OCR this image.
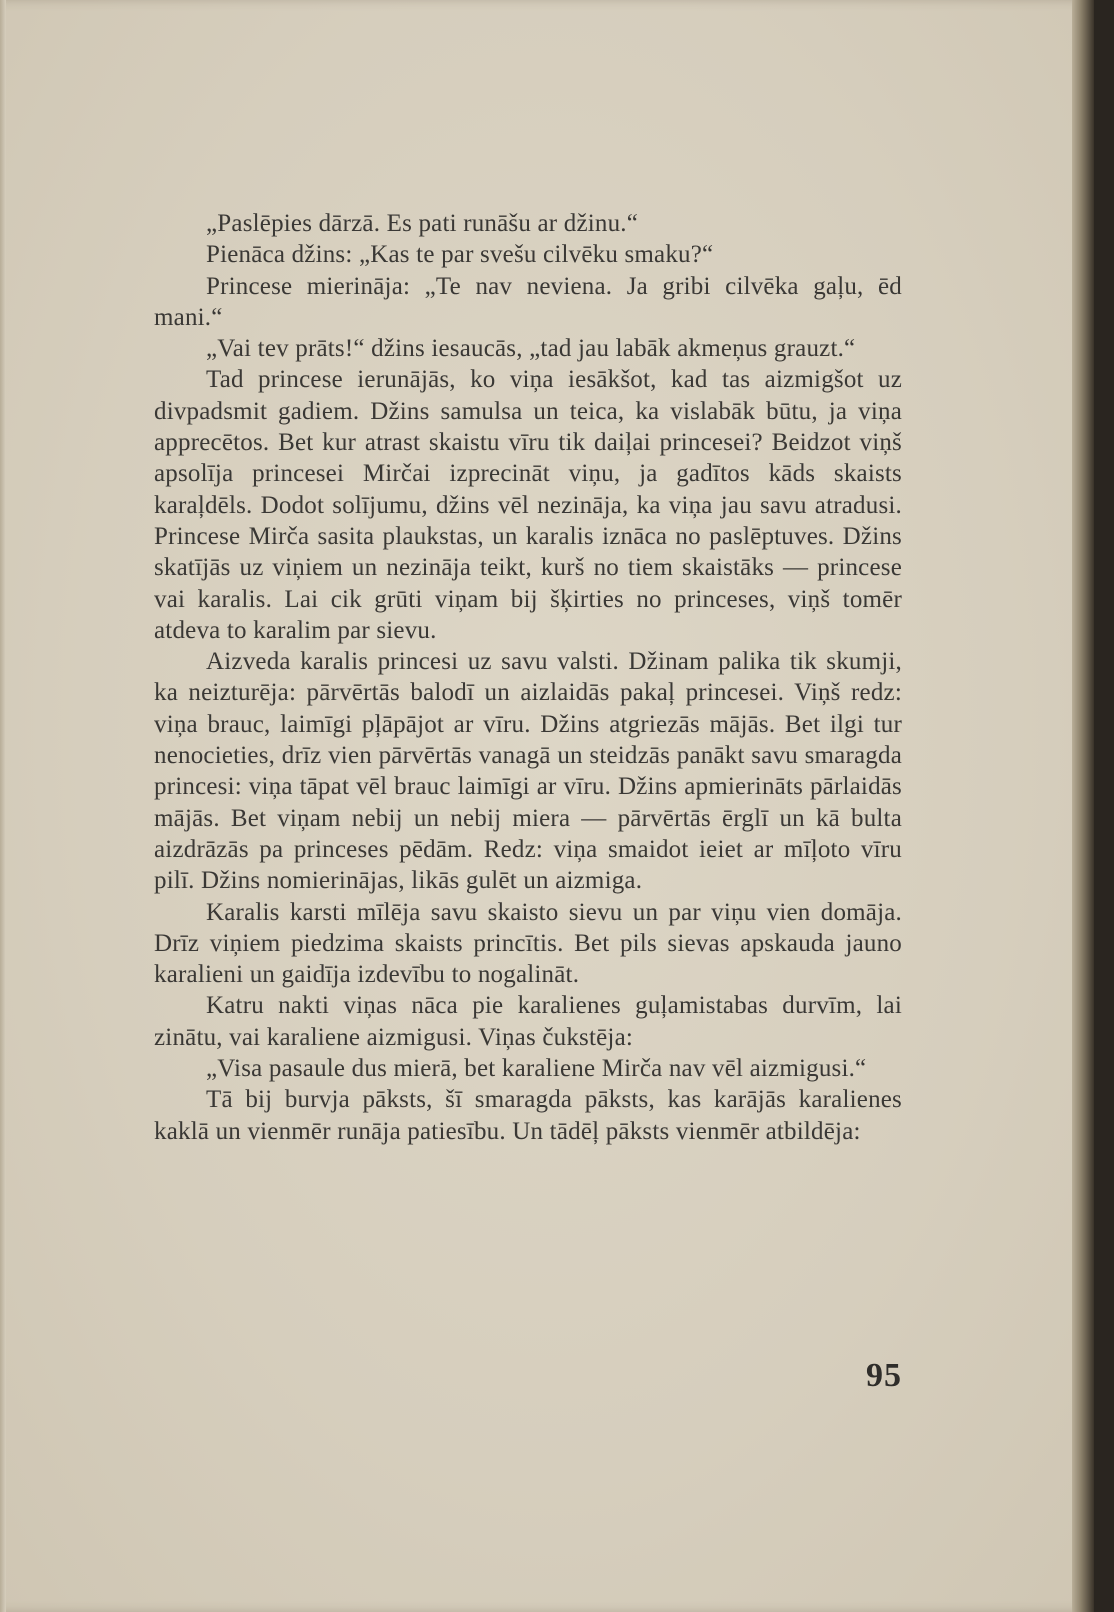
„Paslēpies dārzā. Es pati runāšu ar džinu.“

Pienāca džins: „Kas te par svešu cilvēku smaku?“

Princese mierināja: „Te nav neviena. Ja gribi cilvēka gaļu, ēd mani.“

„Vai tev prāts!“ džins iesaucās, „tad jau labāk akmeņus grauzt.“

Tad princese ierunājās, ko viņa iesākšot, kad tas aizmigšot uz divpadsmit gadiem. Džins samulsa un teica, ka vislabāk būtu, ja viņa apprecētos. Bet kur atrast skaistu vīru tik daiļai princesei? Beidzot viņš apsolīja princesei Mirčai izprecināt viņu, ja gadītos kāds skaists karaļdēls. Dodot solījumu, džins vēl nezināja, ka viņa jau savu atradusi. Princese Mirča sasita plaukstas, un karalis iznāca no paslēptuves. Džins skatījās uz viņiem un nezināja teikt, kurš no tiem skaistāks — princese vai karalis. Lai cik grūti viņam bij šķirties no princeses, viņš tomēr atdeva to karalim par sievu.

Aizveda karalis princesi uz savu valsti. Džinam palika tik skumji, ka neizturēja: pārvērtās balodī un aizlaidās pakaļ princesei. Viņš redz: viņa brauc, laimīgi pļāpājot ar vīru. Džins atgriezās mājās. Bet ilgi tur nenocieties, drīz vien pārvērtās vanagā un steidzās panākt savu smaragda princesi: viņa tāpat vēl brauc laimīgi ar vīru. Džins apmierināts pārlaidās mājās. Bet viņam nebij un nebij miera — pārvērtās ērglī un kā bulta aizdrāzās pa princeses pēdām. Redz: viņa smaidot ieiet ar mīļoto vīru pilī. Džins nomierinājas, likās gulēt un aizmiga.

Karalis karsti mīlēja savu skaisto sievu un par viņu vien domāja. Drīz viņiem piedzima skaists princītis. Bet pils sievas apskauda jauno karalieni un gaidīja izdevību to nogalināt.

Katru nakti viņas nāca pie karalienes guļamistabas durvīm, lai zinātu, vai karaliene aizmigusi. Viņas čukstēja:

„Visa pasaule dus mierā, bet karaliene Mirča nav vēl aizmigusi.“

Tā bij burvja pāksts, šī smaragda pāksts, kas karājās karalienes kaklā un vienmēr runāja patiesību. Un tādēļ pāksts vienmēr atbildēja:

95
